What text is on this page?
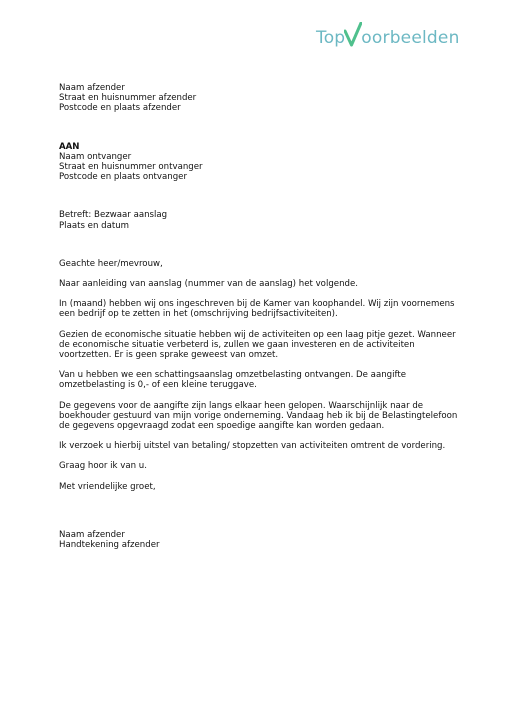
Top oorbeelden
Naam afzender
Straat en huisnummer afzender
Postcode en plaats afzender
AAN
Naam ontvanger
Straat en huisnummer ontvanger
Postcode en plaats ontvanger
Betreft: Bezwaar aanslag
Plaats en datum
Geachte heer/mevrouw,
Naar aanleiding van aanslag (nummer van de aanslag) het volgende.
In (maand) hebben wij ons ingeschreven bij de Kamer van koophandel. Wij zijn voornemens
een bedrijf op te zetten in het (omschrijving bedrijfsactiviteiten).
Gezien de economische situatie hebben wij de activiteiten op een laag pitje gezet. Wanneer
de economische situatie verbeterd is, zullen we gaan investeren en de activiteiten
voortzetten. Er is geen sprake geweest van omzet.
Van u hebben we een schattingsaanslag omzetbelasting ontvangen. De aangifte
omzetbelasting is 0,- of een kleine teruggave.
De gegevens voor de aangifte zijn langs elkaar heen gelopen. Waarschijnlijk naar de
boekhouder gestuurd van mijn vorige onderneming. Vandaag heb ik bij de Belastingtelefoon
de gegevens opgevraagd zodat een spoedige aangifte kan worden gedaan.
Ik verzoek u hierbij uitstel van betaling/ stopzetten van activiteiten omtrent de vordering.
Graag hoor ik van u.
Met vriendelijke groet,
Naam afzender
Handtekening afzender
